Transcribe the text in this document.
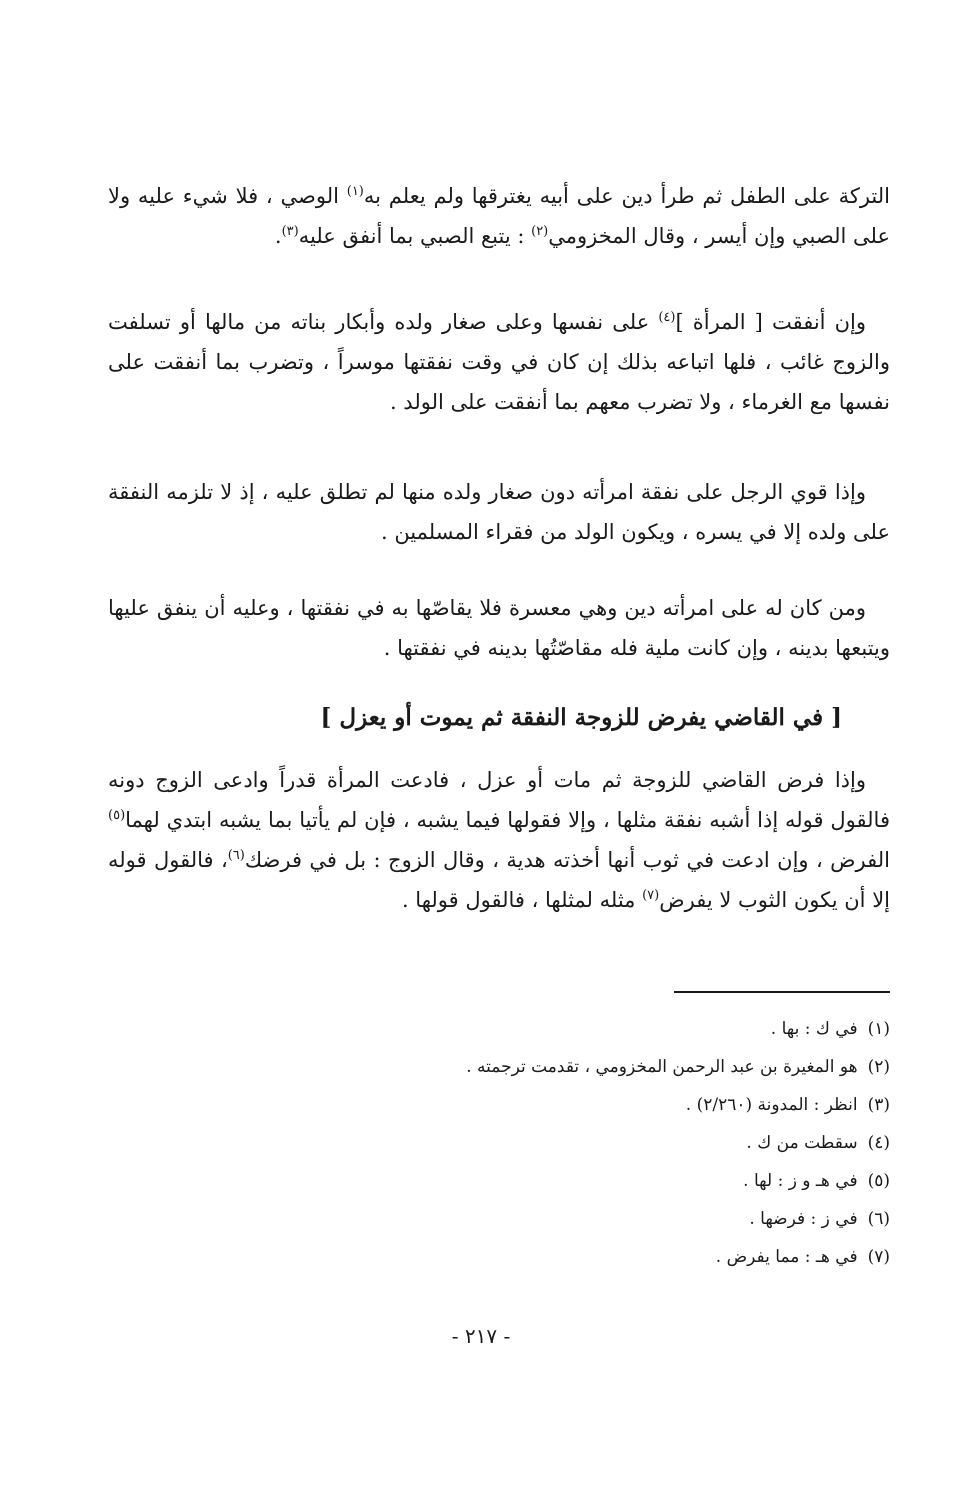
التركة على الطفل ثم طرأ دين على أبيه يغترقها ولم يعلم به$^{(١)}$ الوصي ، فلا شيء عليه ولا على الصبي وإن أيسر ، وقال المخزومي$^{(٢)}$ : يتبع الصبي بما أنفق عليه$^{(٣)}$.

وإن أنفقت [ المرأة ]$^{(٤)}$ على نفسها وعلى صغار ولده وأبكار بناته من مالها أو تسلفت والزوج غائب ، فلها اتباعه بذلك إن كان في وقت نفقتها موسراً ، وتضرب بما أنفقت على نفسها مع الغرماء ، ولا تضرب معهم بما أنفقت على الولد .

وإذا قوي الرجل على نفقة امرأته دون صغار ولده منها لم تطلق عليه ، إذ لا تلزمه النفقة على ولده إلا في يسره ، ويكون الولد من فقراء المسلمين .

ومن كان له على امرأته دين وهي معسرة فلا يقاصّها به في نفقتها ، وعليه أن ينفق عليها ويتبعها بدينه ، وإن كانت ملية فله مقاصّتُها بدينه في نفقتها .

[ في القاضي يفرض للزوجة النفقة ثم يموت أو يعزل ]

وإذا فرض القاضي للزوجة ثم مات أو عزل ، فادعت المرأة قدراً وادعى الزوج دونه فالقول قوله إذا أشبه نفقة مثلها ، وإلا فقولها فيما يشبه ، فإن لم يأتيا بما يشبه ابتدي لهما$^{(٥)}$ الفرض ، وإن ادعت في ثوب أنها أخذته هدية ، وقال الزوج : بل في فرضك$^{(٦)}$، فالقول قوله إلا أن يكون الثوب لا يفرض$^{(٧)}$ مثله لمثلها ، فالقول قولها .

(١)في ك : بها .
(٢)هو المغيرة بن عبد الرحمن المخزومي ، تقدمت ترجمته .
(٣)انظر : المدونة (٢/٢٦٠) .
(٤)سقطت من ك .
(٥)في هـ و ز : لها .
(٦)في ز : فرضها .
(٧)في هـ : مما يفرض .
- ٢١٧ -
